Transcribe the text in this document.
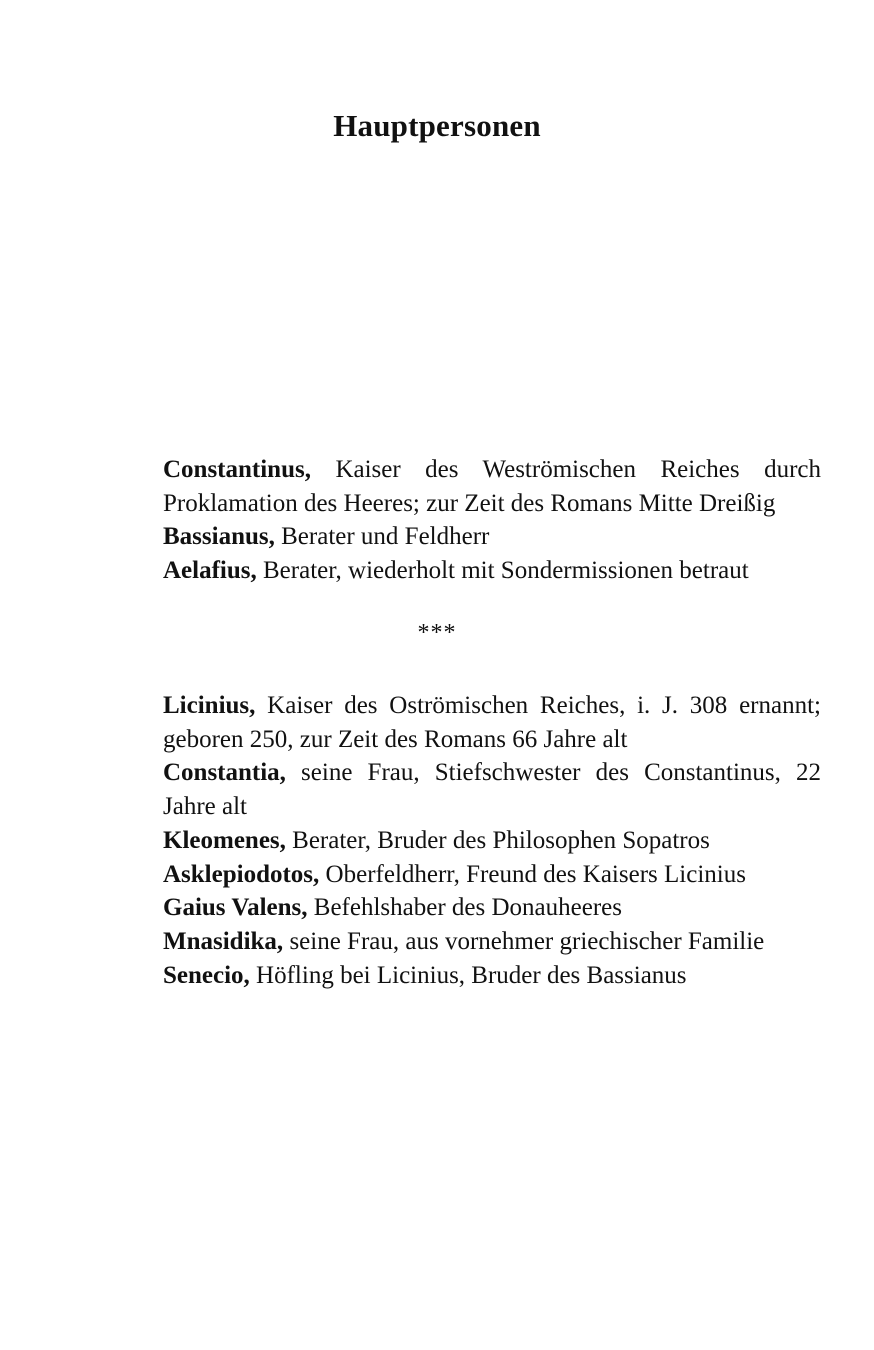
Hauptpersonen

Constantinus, Kaiser des Weströmischen Reiches durch Proklamation des Heeres; zur Zeit des Romans Mitte Dreißig

Bassianus, Berater und Feldherr

Aelafius, Berater, wiederholt mit Sondermissionen betraut

***

Licinius, Kaiser des Oströmischen Reiches, i. J. 308 ernannt; geboren 250, zur Zeit des Romans 66 Jahre alt

Constantia, seine Frau, Stiefschwester des Constantinus, 22 Jahre alt

Kleomenes, Berater, Bruder des Philosophen Sopatros

Asklepiodotos, Oberfeldherr, Freund des Kaisers Licinius

Gaius Valens, Befehlshaber des Donauheeres

Mnasidika, seine Frau, aus vornehmer griechischer Familie

Senecio, Höfling bei Licinius, Bruder des Bassianus
